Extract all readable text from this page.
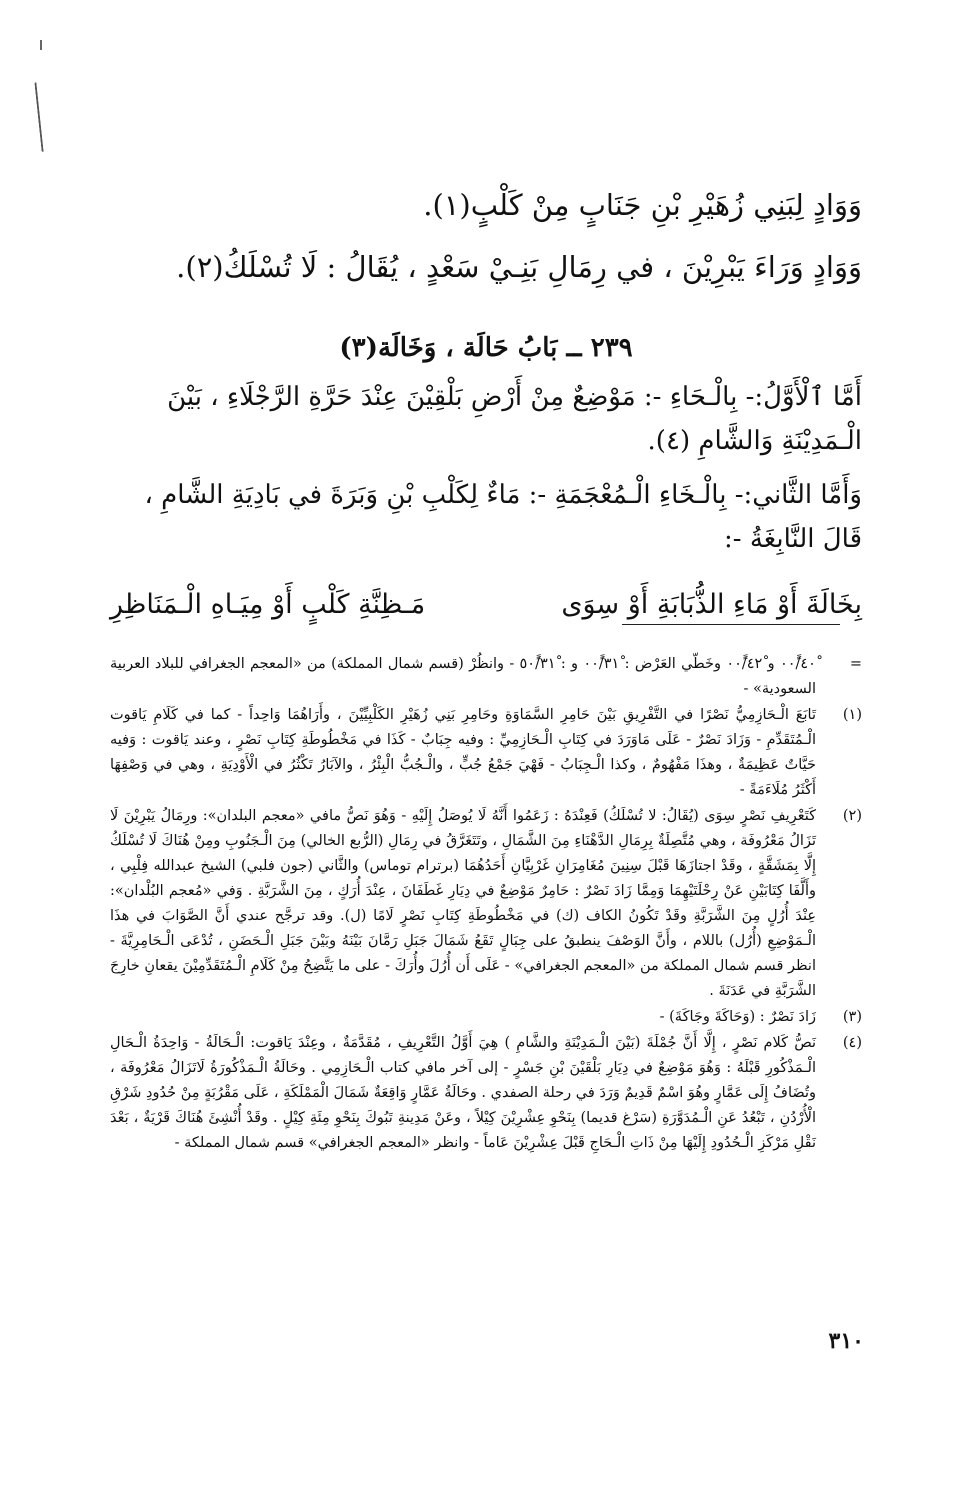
وَوَادٍ لِبَنِي زُهَيْرِ بْنِ جَنَابٍ مِنْ كَلْبٍ(١).
وَوَادٍ وَرَاءَ يَبْرِيْنَ ، في رِمَالِ بَنِـيْ سَعْدٍ ، يُقَالُ : لَا تُسْلَكُ(٢).
٢٣٩ ــ بَابُ حَالَة ، وَخَالَة(٣)
أَمَّا ٱلْأَوَّلُ:- بِالْـحَاءِ -: مَوْضِعٌ مِنْ أَرْضِ بَلْقِيْنَ عِنْدَ حَرَّةِ الرَّجْلَاءِ ، بَيْنَ الْـمَدِيْنَةِ وَالشَّامِ (٤).
وَأَمَّا الثَّاني:- بِالْـخَاءِ الْـمُعْجَمَةِ -: مَاءٌ لِكَلْبِ بْنِ وَبَرَةَ في بَادِيَةِ الشَّامِ ، قَالَ النَّابِغَةُ -:
بِخَالَةَ أَوْ مَاءِ الذُّبَابَةِ أَوْ سِوَى
مَـظِنَّةِ كَلْبٍ أَوْ مِيَـاهِ الْـمَنَاظِرِ
=
٠٠ًَ/٤٠ْ و ٠٠ًَ/٤٢ْ وخَطّي العَرْض : ٠٠ًَ/٣١ْ و : ٥٠ًَ/٣١ْ - وانظُرْ (قسم شمال المملكة) من «المعجم الجغرافي للبلاد العربية السعودية» -
(١)
تَابَعَ الْـحَازِمِيُّ نَصْرًا في التَّفْرِيقِ بَيْنَ حَامِرِ السَّمَاوَةِ وحَامِرِ بَنِي زُهَيْرِ الكَلْبِيِّيْنَ ، وأَرَاهُمَا وَاحِداً - كما في كَلَامِ يَاقوت الْـمُتَقَدِّمِ - وَزَادَ نَصْرٌ - عَلَى مَاوَرَدَ في كِتَابِ الْـحَازِمِيِّ : وفيه جِبَابٌ - كَذَا في مَخْطُوطَةِ كِتَابِ نَصْرٍ ، وعند يَاقوت : وَفيه حَيَّاتٌ عَظِيمَةٌ ، وهذَا مَفْهُومٌ ، وكذا الْـجِبَابُ - فَهْيَ جَمْعُ جُبٍّ ، والْـجُبُّ الْبِئْرُ ، والآبَارُ تَكْثُرُ في الْأَوْدِيَةِ ، وهي في وَصْفِهَا أَكْثَرُ مُلَاءَمَةً -
(٢)
كَتَعْرِيفِ نَصْرٍ سِوَى (يُقَالُ: لا تُسْلَكُ) فَعِنْدَهُ : زَعَمُوا أَنَّهُ لَا يُوصَلُ إِلَيْهِ - وَهُوَ نَصُّ مافي «معجم البلدان»: ورِمَالُ يَبْرِيْنَ لَا تَزَالُ مَعْرُوفَة ، وهي مُتَّصِلَةٌ بِرِمَالِ الدَّهْنَاءِ مِنَ الشَّمَالِ ، وتَتَغَرَّقُ في رِمَالِ (الرُّبع الخالي) مِنَ الْـجَنُوبِ ومِنْ هُنَاكَ لَا تُسْلَكُ إِلَّا بِمَشَقَّةٍ ، وقَدْ اجتازَهَا قَبْلَ سِنِينَ مُغَامِرَانِ غَرْبِيَّانِ أَحَدُهُمَا (برترام توماس) والثَّاني (جون فلبي) الشيخ عبدالله فِلْبِي ، وأَلَّفَا كِتَابَيْنِ عَنْ رِحْلَتَيْهِمَا وَمِمَّا زَادَ نَصْرٌ : حَامِرٌ مَوْضِعٌ في دِيَارِ غَطَفَانَ ، عِنْدَ أُرَكٍ ، مِنَ الشَّرَبَّةِ . وَفي «مُعجم البُلْدان»: عِنْدَ أُرُلٍ مِنَ الشَّرَبَّةِ وقَدْ تَكُونُ الكاف (ك) في مَخْطُوطَةِ كِتَابِ نَصْرٍ لَامًا (ل). وقد ترجَّح عندي أَنَّ الصَّوَابَ في هذَا الْـمَوْضِعِ (أُرُل) باللام ، وأَنَّ الوَصْفَ ينطبقُ على جِبَالٍ تَقَعُ شَمَالَ جَبَلِ رَمَّانَ بَيْنَهُ وبَيْنَ جَبَلِ الْـحَضَنِ ، تُدْعَى الْـحَامِرِيَّةَ - انظر قسم شمال المملكة من «المعجم الجغرافي» - عَلَى أَن أُرُلَ وأُرَكَ - على ما يَتَّضِحُ مِنْ كَلَامِ الْـمُتَقَدِّمِيْنَ يقعانِ خارِجَ الشَّرَبَّةِ في عَدَنَةَ .
(٣)
زَادَ نَصْرٌ : (وَحَاكَةَ وجَاكَةَ) -
(٤)
نَصُّ كَلام نَصْرٍ ، إِلَّا أَنَّ جُمْلَةَ (بَيْنَ الْـمَدِيْنَةِ والشَّامِ ) هِيَ أَوَّلُ التَّعْرِيفِ ، مُقَدَّمَةٌ ، وعِنْدَ يَاقوت: الْـحَالَةُ - وَاحِدَةُ الْـحَالِ الْـمَذْكُورِ قَبْلَهُ : وَهُوَ مَوْضِعٌ في دِيَارِ بَلْقَيْنَ بْنِ جَسْرٍ - إلى آخر مافي كتاب الْـحَازِمِي . وحَالَةُ الْـمَذْكُورَةُ لَاتَزَالُ مَعْرُوفَة ، وتُضَافُ إِلَى عَمَّارٍ وهُوَ اسْمٌ قَدِيمٌ وَرَدَ في رحلة الصفدي . وحَالَةُ عَمَّارٍ وَاقِعَةٌ شَمَالَ الْمَمْلَكَةِ ، عَلَى مَقْرُبَةٍ مِنْ حُدُودِ شَرْقِ الْأُرْدُنِ ، تَبْعُدُ عَنِ الْـمُدَوَّرَةِ (سَرْغ قديما) بِنَحْوِ عِشْرِيْنَ كِيْلاً ، وعَنْ مَدِينةِ تَبُوكَ بِنَحْوِ مِئَةِ كِيْلٍ . وقَدْ أُنْشِئَ هُنَاكَ قَرْيَةٌ ، بَعْدَ نَقْلِ مَرْكَزِ الْـحُدُودِ إِلَيْهَا مِنْ ذَاتِ الْـحَاجِ قَبْلَ عِشْرِيْنَ عَاماً - وانظر «المعجم الجغرافي» قسم شمال المملكة -
٣١٠
